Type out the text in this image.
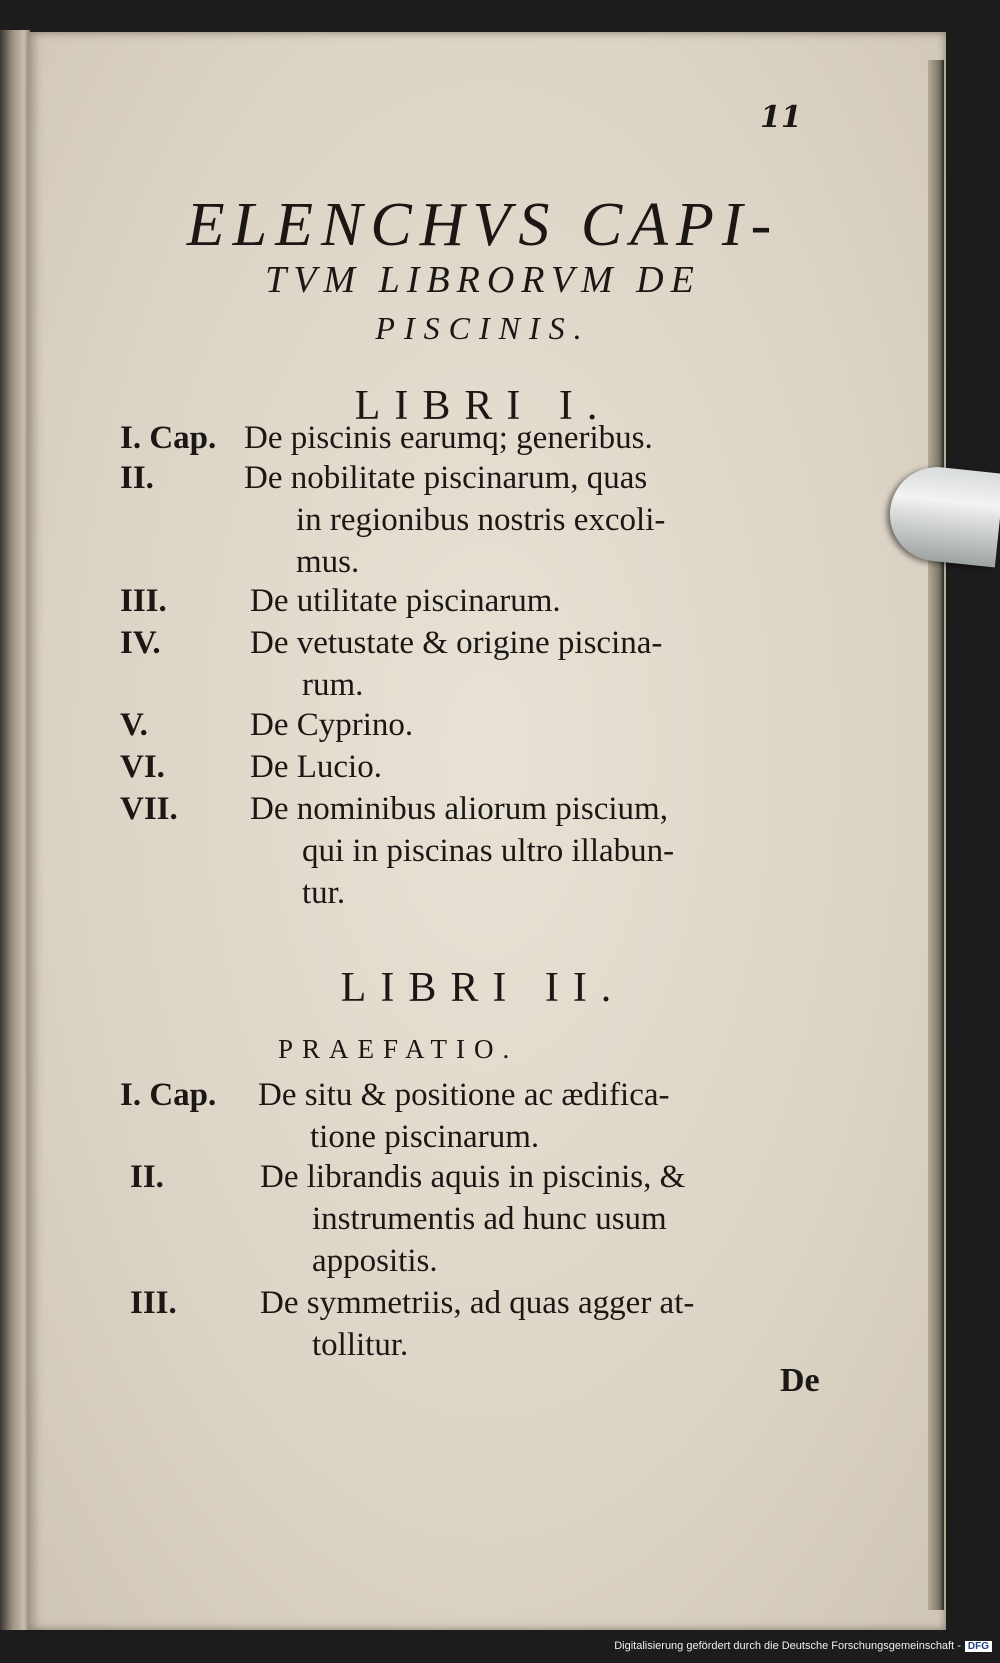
11
ELENCHVS CAPI-
TVM LIBRORVM DE
PISCINIS.
LIBRI I.
I. Cap. De piscinis earumq; generibus.
II.	De nobilitate piscinarum, quas
in regionibus nostris excoli-
mus.
III.	De utilitate piscinarum.
IV.	De vetustate & origine piscina-
rum.
V.	De Cyprino.
VI.	De Lucio.
VII.	De nominibus aliorum piscium,
qui in piscinas ultro illabun-
tur.
LIBRI II.
PRAEFATIO.
I. Cap.	De situ & positione ac ædifica-
tione piscinarum.
II.	De librandis aquis in piscinis, &
instrumentis ad hunc usum
appositis.
III.	De symmetriis, ad quas agger at-
tollitur.
De
Digitalisierung gefördert durch die Deutsche Forschungsgemeinschaft - DFG
